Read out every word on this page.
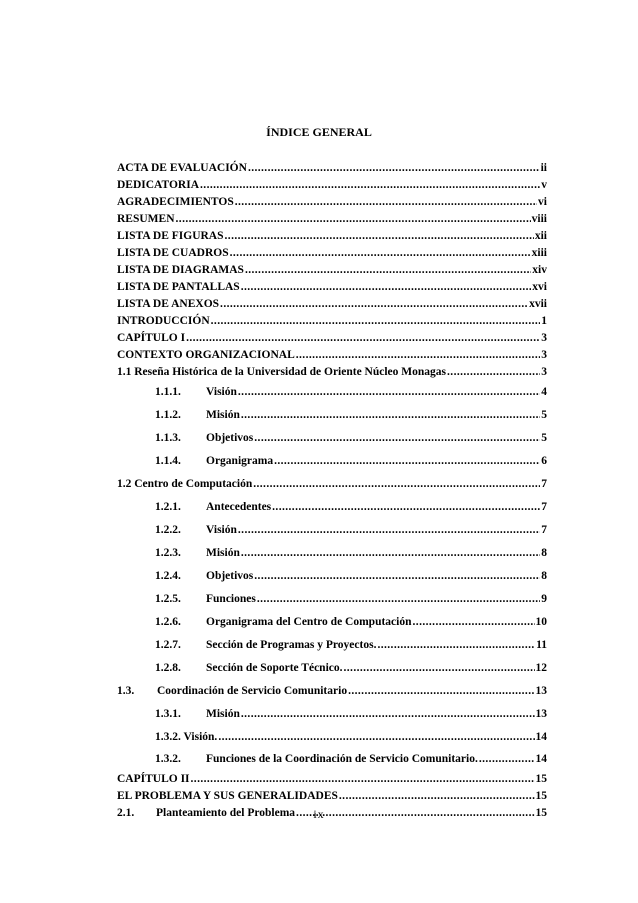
ÍNDICE GENERAL
ACTA DE EVALUACIÓN .....	ii
DEDICATORIA .....	v
AGRADECIMIENTOS .....	vi
RESUMEN .....	viii
LISTA DE FIGURAS .....	xii
LISTA DE CUADROS .....	xiii
LISTA DE DIAGRAMAS .....	xiv
LISTA DE PANTALLAS .....	xvi
LISTA DE ANEXOS .....	xvii
INTRODUCCIÓN .....	1
CAPÍTULO I .....	3
CONTEXTO ORGANIZACIONAL .....	3
1.1 Reseña Histórica de la Universidad de Oriente Núcleo Monagas .....	3
1.1.1.	Visión .....	4
1.1.2.	Misión .....	5
1.1.3.	Objetivos .....	5
1.1.4.	Organigrama .....	6
1.2 Centro de Computación .....	7
1.2.1.	Antecedentes .....	7
1.2.2.	Visión .....	7
1.2.3.	Misión .....	8
1.2.4.	Objetivos .....	8
1.2.5.	Funciones .....	9
1.2.6.	Organigrama del Centro de Computación .....	10
1.2.7.	Sección de Programas y Proyectos. .....	11
1.2.8.	Sección de Soporte Técnico. .....	12
1.3.	Coordinación de Servicio Comunitario .....	13
1.3.1.	Misión .....	13
1.3.2. Visión. .....	14
1.3.2.	Funciones de la Coordinación de Servicio Comunitario. .....	14
CAPÍTULO II .....	15
EL PROBLEMA Y SUS GENERALIDADES .....	15
2.1.	Planteamiento del Problema .....	15
ix
